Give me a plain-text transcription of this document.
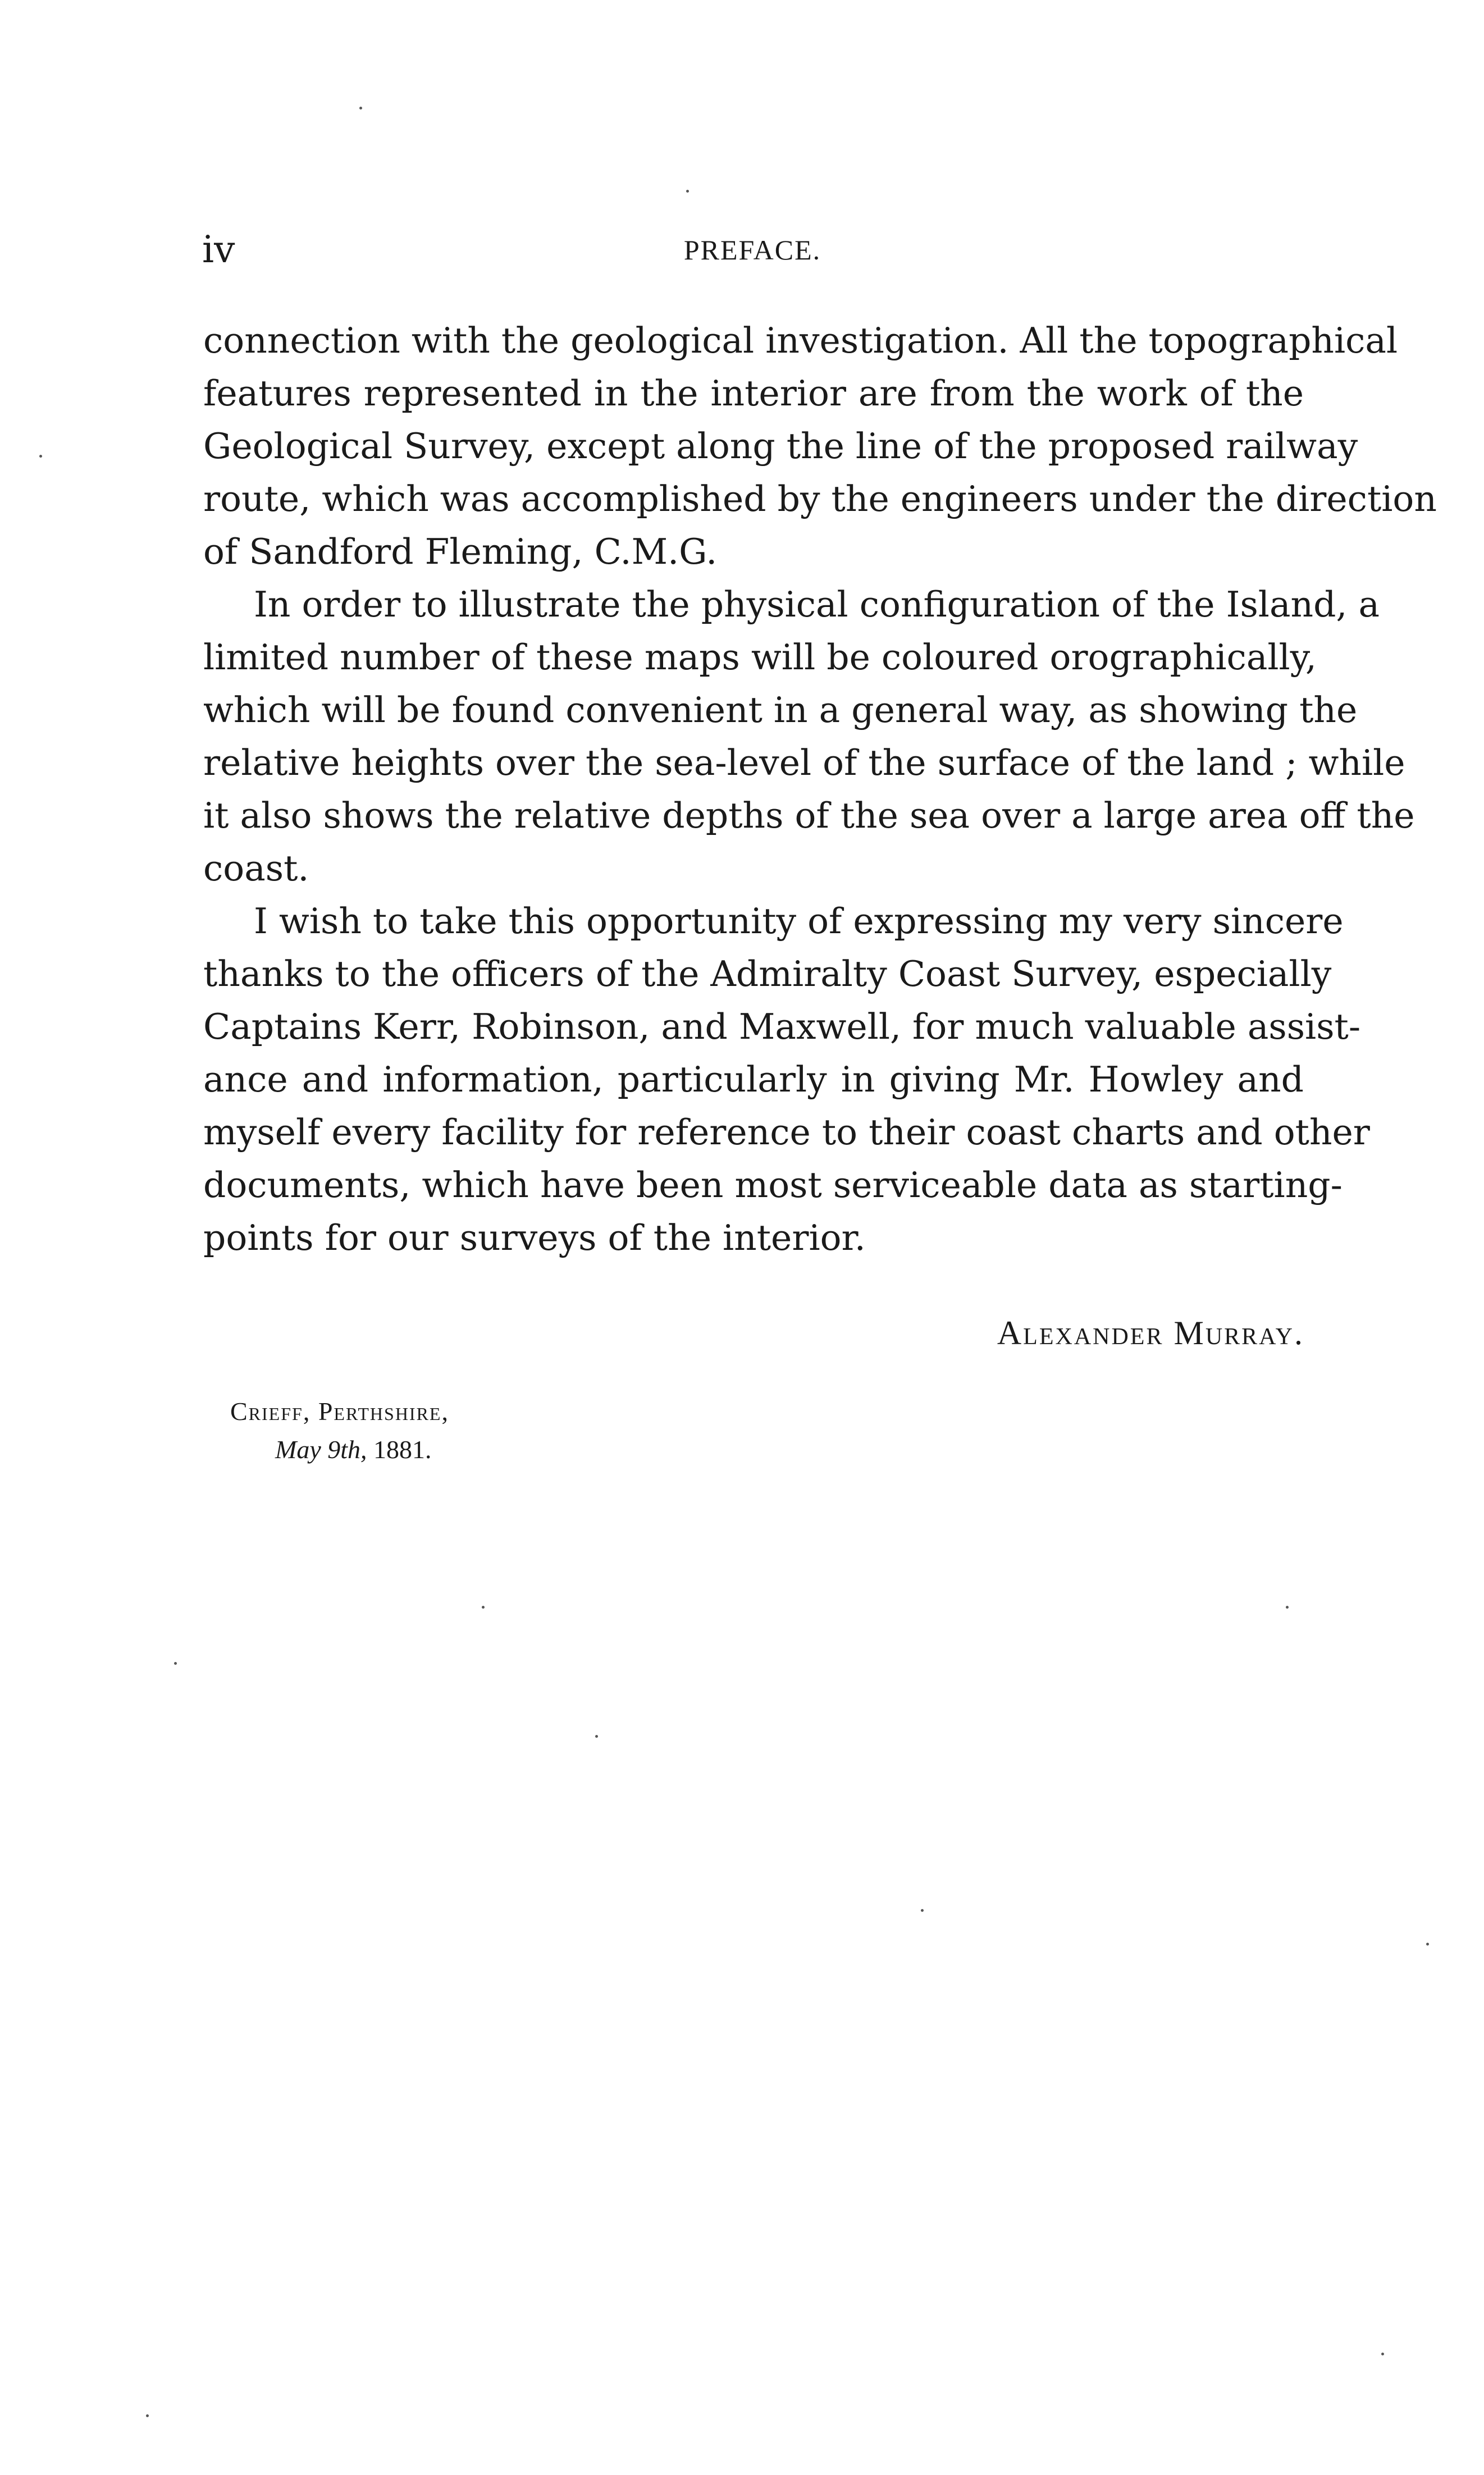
iv	PREFACE.

connection with the geological investigation. All the topographical
features represented in the interior are from the work of the
Geological Survey, except along the line of the proposed railway
route, which was accomplished by the engineers under the direction
of Sandford Fleming, C.M.G.

In order to illustrate the physical configuration of the Island, a
limited number of these maps will be coloured orographically,
which will be found convenient in a general way, as showing the
relative heights over the sea-level of the surface of the land ; while
it also shows the relative depths of the sea over a large area off the
coast.

I wish to take this opportunity of expressing my very sincere
thanks to the officers of the Admiralty Coast Survey, especially
Captains Kerr, Robinson, and Maxwell, for much valuable assist-
ance and information, particularly in giving Mr. Howley and
myself every facility for reference to their coast charts and other
documents, which have been most serviceable data as starting-
points for our surveys of the interior.

Alexander Murray.
Crieff, Perthshire,
May 9th, 1881.
